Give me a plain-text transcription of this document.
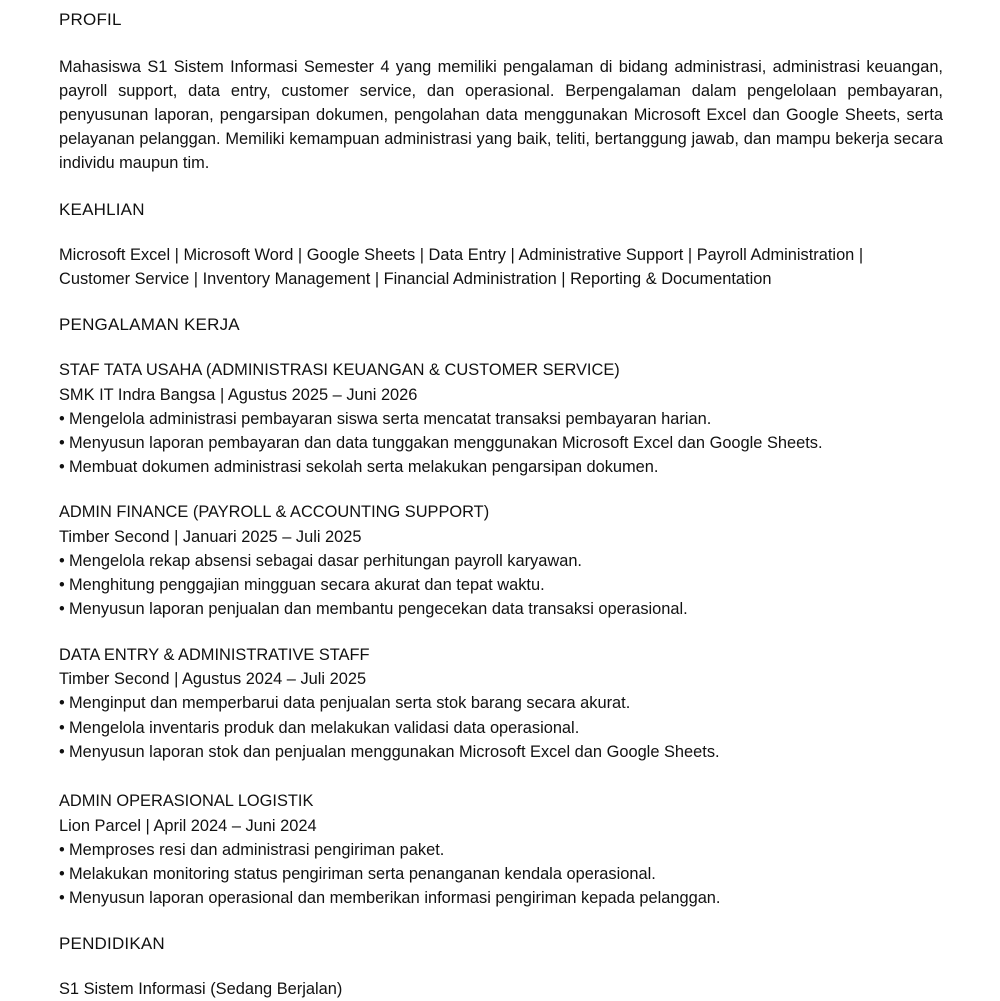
PROFIL
Mahasiswa S1 Sistem Informasi Semester 4 yang memiliki pengalaman di bidang administrasi, administrasi keuangan, payroll support, data entry, customer service, dan operasional. Berpengalaman dalam pengelolaan pembayaran, penyusunan laporan, pengarsipan dokumen, pengolahan data menggunakan Microsoft Excel dan Google Sheets, serta pelayanan pelanggan. Memiliki kemampuan administrasi yang baik, teliti, bertanggung jawab, dan mampu bekerja secara individu maupun tim.
KEAHLIAN
Microsoft Excel | Microsoft Word | Google Sheets | Data Entry | Administrative Support | Payroll Administration |
Customer Service | Inventory Management | Financial Administration | Reporting & Documentation
PENGALAMAN KERJA
STAF TATA USAHA (ADMINISTRASI KEUANGAN & CUSTOMER SERVICE)
SMK IT Indra Bangsa | Agustus 2025 – Juni 2026
• Mengelola administrasi pembayaran siswa serta mencatat transaksi pembayaran harian.
• Menyusun laporan pembayaran dan data tunggakan menggunakan Microsoft Excel dan Google Sheets.
• Membuat dokumen administrasi sekolah serta melakukan pengarsipan dokumen.
ADMIN FINANCE (PAYROLL & ACCOUNTING SUPPORT)
Timber Second | Januari 2025 – Juli 2025
• Mengelola rekap absensi sebagai dasar perhitungan payroll karyawan.
• Menghitung penggajian mingguan secara akurat dan tepat waktu.
• Menyusun laporan penjualan dan membantu pengecekan data transaksi operasional.
DATA ENTRY & ADMINISTRATIVE STAFF
Timber Second | Agustus 2024 – Juli 2025
• Menginput dan memperbarui data penjualan serta stok barang secara akurat.
• Mengelola inventaris produk dan melakukan validasi data operasional.
• Menyusun laporan stok dan penjualan menggunakan Microsoft Excel dan Google Sheets.
ADMIN OPERASIONAL LOGISTIK
Lion Parcel | April 2024 – Juni 2024
• Memproses resi dan administrasi pengiriman paket.
• Melakukan monitoring status pengiriman serta penanganan kendala operasional.
• Menyusun laporan operasional dan memberikan informasi pengiriman kepada pelanggan.
PENDIDIKAN
S1 Sistem Informasi (Sedang Berjalan)
